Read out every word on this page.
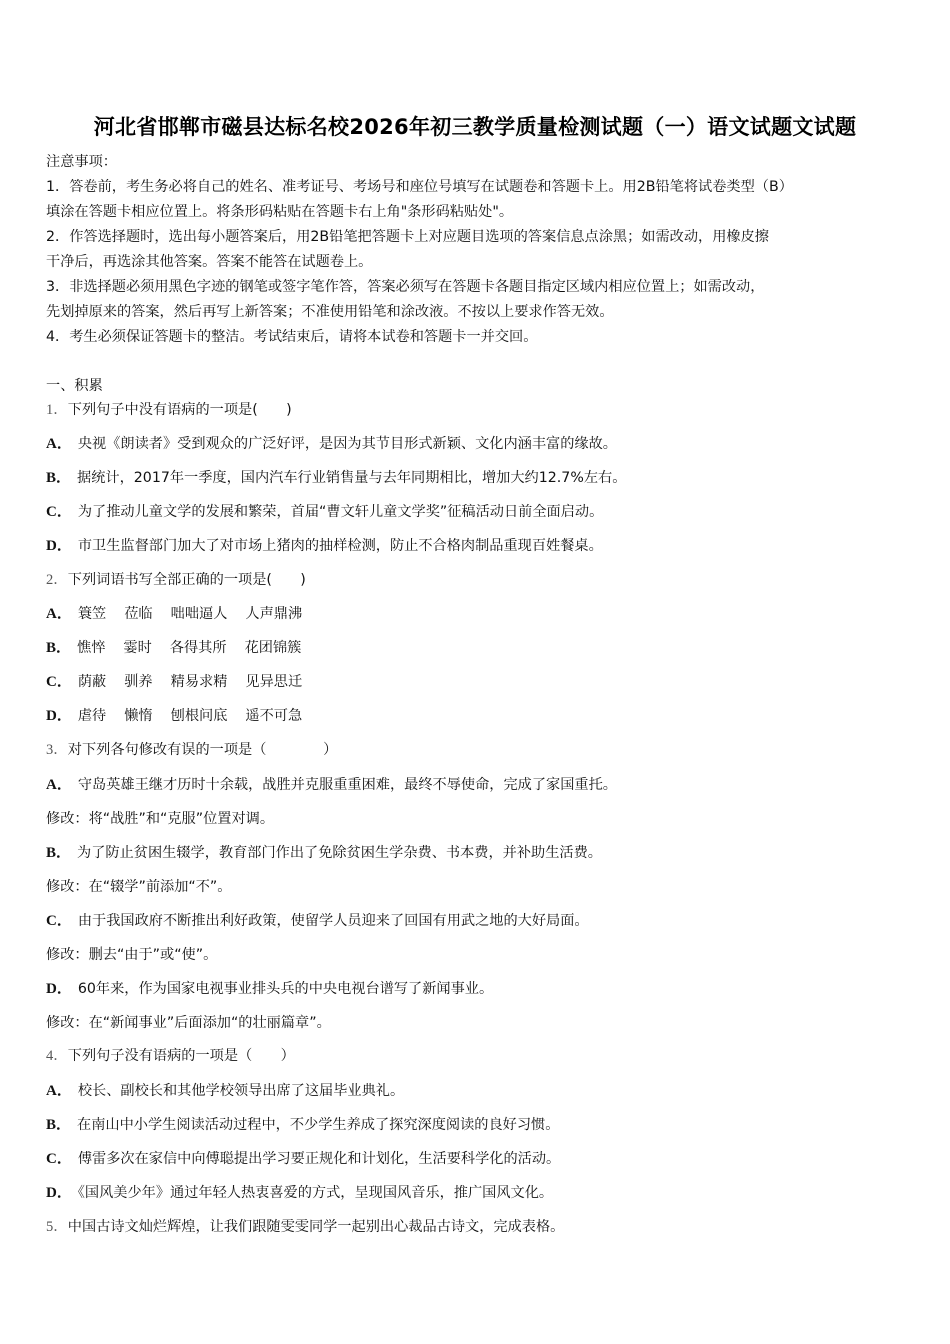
河北省邯郸市磁县达标名校2026年初三教学质量检测试题（一）语文试题文试题
注意事项：
1．答卷前，考生务必将自己的姓名、准考证号、考场号和座位号填写在试题卷和答题卡上。用2B铅笔将试卷类型（B）
填涂在答题卡相应位置上。将条形码粘贴在答题卡右上角"条形码粘贴处"。
2．作答选择题时，选出每小题答案后，用2B铅笔把答题卡上对应题目选项的答案信息点涂黑；如需改动，用橡皮擦
干净后，再选涂其他答案。答案不能答在试题卷上。
3．非选择题必须用黑色字迹的钢笔或签字笔作答，答案必须写在答题卡各题目指定区域内相应位置上；如需改动，
先划掉原来的答案，然后再写上新答案；不准使用铅笔和涂改液。不按以上要求作答无效。
4．考生必须保证答题卡的整洁。考试结束后，请将本试卷和答题卡一并交回。
一、积累
1．下列句子中没有语病的一项是(　　)
A． 央视《朗读者》受到观众的广泛好评，是因为其节目形式新颖、文化内涵丰富的缘故。
B． 据统计，2017年一季度，国内汽车行业销售量与去年同期相比，增加大约12.7%左右。
C． 为了推动儿童文学的发展和繁荣，首届“曹文轩儿童文学奖”征稿活动日前全面启动。
D． 市卫生监督部门加大了对市场上猪肉的抽样检测，防止不合格肉制品重现百姓餐桌。
2．下列词语书写全部正确的一项是(　　)
A． 簑笠 莅临 咄咄逼人 人声鼎沸
B． 憔悴 霎时 各得其所 花团锦簇
C． 荫蔽 驯养 精易求精 见异思迁
D． 虐待 懒惰 刨根问底 遥不可急
3．对下列各句修改有误的一项是（　　　　）
A． 守岛英雄王继才历时十余载，战胜并克服重重困难，最终不辱使命，完成了家国重托。
修改：将“战胜”和“克服”位置对调。
B． 为了防止贫困生辍学，教育部门作出了免除贫困生学杂费、书本费，并补助生活费。
修改：在“辍学”前添加“不”。
C． 由于我国政府不断推出利好政策，使留学人员迎来了回国有用武之地的大好局面。
修改：删去“由于”或“使”。
D． 60年来，作为国家电视事业排头兵的中央电视台谱写了新闻事业。
修改：在“新闻事业”后面添加“的壮丽篇章”。
4．下列句子没有语病的一项是（　　）
A． 校长、副校长和其他学校领导出席了这届毕业典礼。
B． 在南山中小学生阅读活动过程中，不少学生养成了探究深度阅读的良好习惯。
C． 傅雷多次在家信中向傅聪提出学习要正规化和计划化，生活要科学化的活动。
D． 《国风美少年》通过年轻人热衷喜爱的方式，呈现国风音乐，推广国风文化。
5．中国古诗文灿烂辉煌，让我们跟随雯雯同学一起别出心裁品古诗文，完成表格。
